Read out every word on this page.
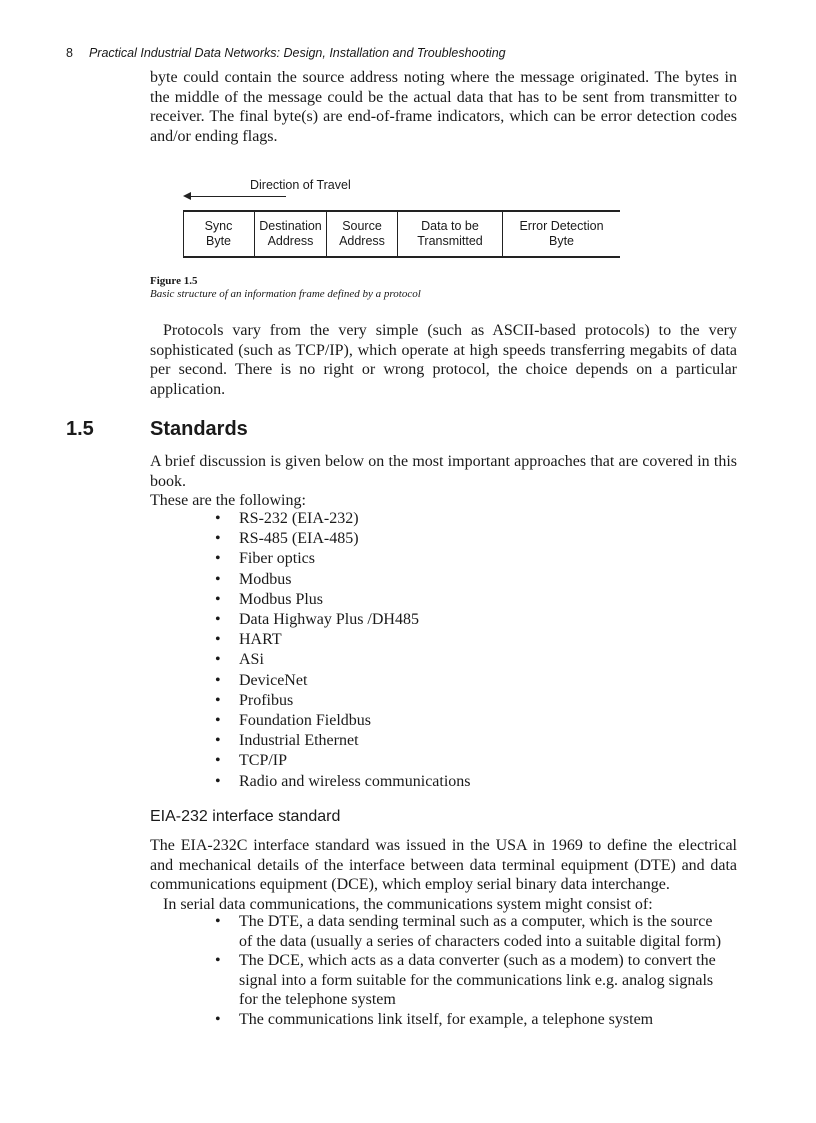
8 Practical Industrial Data Networks: Design, Installation and Troubleshooting

byte could contain the source address noting where the message originated. The bytes in the middle of the message could be the actual data that has to be sent from transmitter to receiver. The final byte(s) are end-of-frame indicators, which can be error detection codes and/or ending flags.

Direction of Travel
Sync
Byte
Destination
Address
Source
Address
Data to be
Transmitted
Error Detection
Byte
Figure 1.5
Basic structure of an information frame defined by a protocol

Protocols vary from the very simple (such as ASCII-based protocols) to the very sophisticated (such as TCP/IP), which operate at high speeds transferring megabits of data per second. There is no right or wrong protocol, the choice depends on a particular application.

1.5	Standards

A brief discussion is given below on the most important approaches that are covered in this book.

These are the following:

• RS-232 (EIA-232)
• RS-485 (EIA-485)
• Fiber optics
• Modbus
• Modbus Plus
• Data Highway Plus /DH485
• HART
• ASi
• DeviceNet
• Profibus
• Foundation Fieldbus
• Industrial Ethernet
• TCP/IP
• Radio and wireless communications
EIA-232 interface standard

The EIA-232C interface standard was issued in the USA in 1969 to define the electrical and mechanical details of the interface between data terminal equipment (DTE) and data communications equipment (DCE), which employ serial binary data interchange.

In serial data communications, the communications system might consist of:

• The DTE, a data sending terminal such as a computer, which is the source of the data (usually a series of characters coded into a suitable digital form)
• The DCE, which acts as a data converter (such as a modem) to convert the signal into a form suitable for the communications link e.g. analog signals for the telephone system
• The communications link itself, for example, a telephone system
